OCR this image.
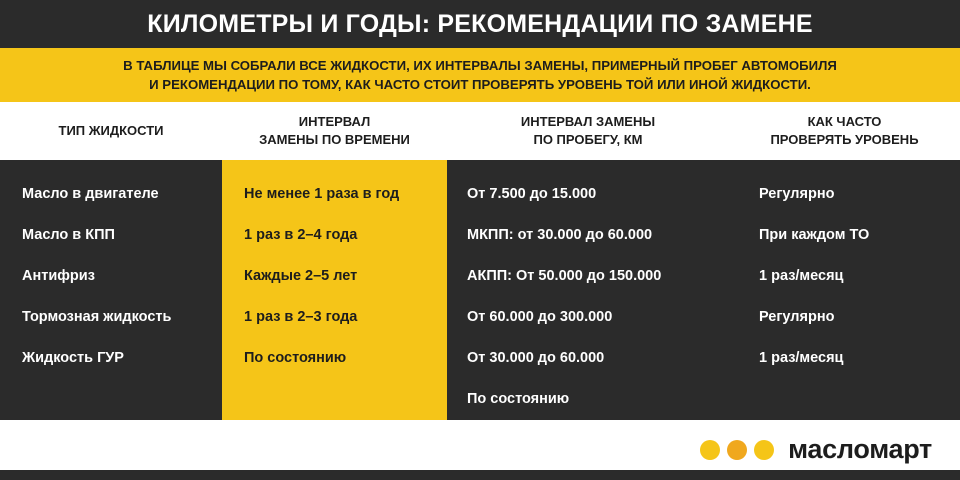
КИЛОМЕТРЫ И ГОДЫ: РЕКОМЕНДАЦИИ ПО ЗАМЕНЕ
В ТАБЛИЦЕ МЫ СОБРАЛИ ВСЕ ЖИДКОСТИ, ИХ ИНТЕРВАЛЫ ЗАМЕНЫ, ПРИМЕРНЫЙ ПРОБЕГ АВТОМОБИЛЯ
И РЕКОМЕНДАЦИИ ПО ТОМУ, КАК ЧАСТО СТОИТ ПРОВЕРЯТЬ УРОВЕНЬ ТОЙ ИЛИ ИНОЙ ЖИДКОСТИ.
ТИП ЖИДКОСТИ
ИНТЕРВАЛ
ЗАМЕНЫ ПО ВРЕМЕНИ
ИНТЕРВАЛ ЗАМЕНЫ
ПО ПРОБЕГУ, КМ
КАК ЧАСТО
ПРОВЕРЯТЬ УРОВЕНЬ
Масло в двигателе
Масло в КПП
Антифриз
Тормозная жидкость
Жидкость ГУР
Не менее 1 раза в год
1 раз в 2–4 года
Каждые 2–5 лет
1 раз в 2–3 года
По состоянию
От 7.500 до 15.000
МКПП: от 30.000 до 60.000
АКПП: От 50.000 до 150.000
От 60.000 до 300.000
От 30.000 до 60.000
По состоянию
Регулярно
При каждом ТО
1 раз/месяц
Регулярно
1 раз/месяц
масломарт
